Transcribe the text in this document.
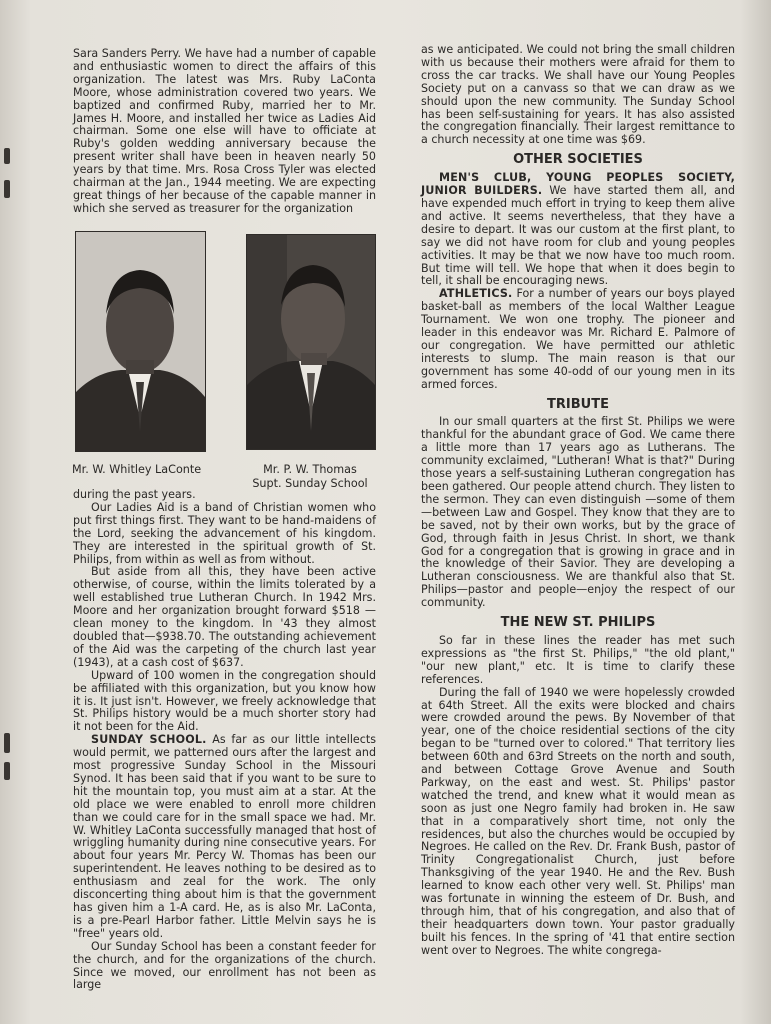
Sara Sanders Perry. We have had a number of capable and enthusiastic women to direct the affairs of this organization. The latest was Mrs. Ruby LaConta Moore, whose administration covered two years. We baptized and confirmed Ruby, married her to Mr. James H. Moore, and installed her twice as Ladies Aid chairman. Some one else will have to officiate at Ruby's golden wedding anniversary because the present writer shall have been in heaven nearly 50 years by that time. Mrs. Rosa Cross Tyler was elected chairman at the Jan., 1944 meeting. We are expecting great things of her because of the capable manner in which she served as treasurer for the organization

Mr. W. Whitley LaConte	Mr. P. W. Thomas
Supt. Sunday School

during the past years.

Our Ladies Aid is a band of Christian women who put first things first. They want to be hand-maidens of the Lord, seeking the advancement of his kingdom. They are interested in the spiritual growth of St. Philips, from within as well as from without.

But aside from all this, they have been active otherwise, of course, within the limits tolerated by a well established true Lutheran Church. In 1942 Mrs. Moore and her organization brought forward $518 — clean money to the kingdom. In '43 they almost doubled that—$938.70. The outstanding achievement of the Aid was the carpeting of the church last year (1943), at a cash cost of $637.

Upward of 100 women in the congregation should be affiliated with this organization, but you know how it is. It just isn't. However, we freely acknowledge that St. Philips history would be a much shorter story had it not been for the Aid.

SUNDAY SCHOOL. As far as our little intellects would permit, we patterned ours after the largest and most progressive Sunday School in the Missouri Synod. It has been said that if you want to be sure to hit the mountain top, you must aim at a star. At the old place we were enabled to enroll more children than we could care for in the small space we had. Mr. W. Whitley LaConta successfully managed that host of wriggling humanity during nine consecutive years. For about four years Mr. Percy W. Thomas has been our superintendent. He leaves nothing to be desired as to enthusiasm and zeal for the work. The only disconcerting thing about him is that the government has given him a 1-A card. He, as is also Mr. LaConta, is a pre-Pearl Harbor father. Little Melvin says he is "free" years old.

Our Sunday School has been a constant feeder for the church, and for the organizations of the church. Since we moved, our enrollment has not been as large

as we anticipated. We could not bring the small children with us because their mothers were afraid for them to cross the car tracks. We shall have our Young Peoples Society put on a canvass so that we can draw as we should upon the new community. The Sunday School has been self-sustaining for years. It has also assisted the congregation financially. Their largest remittance to a church necessity at one time was $69.

OTHER SOCIETIES

MEN'S CLUB, YOUNG PEOPLES SOCIETY, JUNIOR BUILDERS. We have started them all, and have expended much effort in trying to keep them alive and active. It seems nevertheless, that they have a desire to depart. It was our custom at the first plant, to say we did not have room for club and young peoples activities. It may be that we now have too much room. But time will tell. We hope that when it does begin to tell, it shall be encouraging news.

ATHLETICS. For a number of years our boys played basket-ball as members of the local Walther League Tournament. We won one trophy. The pioneer and leader in this endeavor was Mr. Richard E. Palmore of our congregation. We have permitted our athletic interests to slump. The main reason is that our government has some 40-odd of our young men in its armed forces.

TRIBUTE

In our small quarters at the first St. Philips we were thankful for the abundant grace of God. We came there a little more than 17 years ago as Lutherans. The community exclaimed, "Lutheran! What is that?" During those years a self-sustaining Lutheran congregation has been gathered. Our people attend church. They listen to the sermon. They can even distinguish —some of them—between Law and Gospel. They know that they are to be saved, not by their own works, but by the grace of God, through faith in Jesus Christ. In short, we thank God for a congregation that is growing in grace and in the knowledge of their Savior. They are developing a Lutheran consciousness. We are thankful also that St. Philips—pastor and people—enjoy the respect of our community.

THE NEW ST. PHILIPS

So far in these lines the reader has met such expressions as "the first St. Philips," "the old plant," "our new plant," etc. It is time to clarify these references.

During the fall of 1940 we were hopelessly crowded at 64th Street. All the exits were blocked and chairs were crowded around the pews. By November of that year, one of the choice residential sections of the city began to be "turned over to colored." That territory lies between 60th and 63rd Streets on the north and south, and between Cottage Grove Avenue and South Parkway, on the east and west. St. Philips' pastor watched the trend, and knew what it would mean as soon as just one Negro family had broken in. He saw that in a comparatively short time, not only the residences, but also the churches would be occupied by Negroes. He called on the Rev. Dr. Frank Bush, pastor of Trinity Congregationalist Church, just before Thanksgiving of the year 1940. He and the Rev. Bush learned to know each other very well. St. Philips' man was fortunate in winning the esteem of Dr. Bush, and through him, that of his congregation, and also that of their headquarters down town. Your pastor gradually built his fences. In the spring of '41 that entire section went over to Negroes. The white congrega-
